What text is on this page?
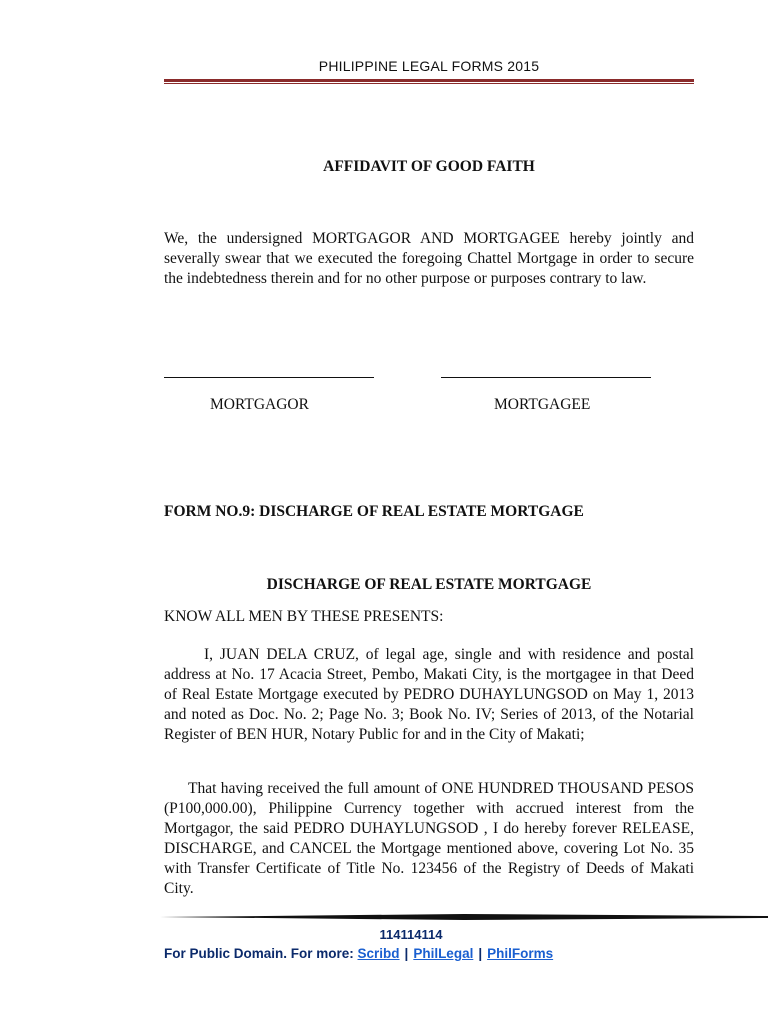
PHILIPPINE LEGAL FORMS 2015
AFFIDAVIT OF GOOD FAITH

We, the undersigned MORTGAGOR AND MORTGAGEE hereby jointly and severally swear that we executed the foregoing Chattel Mortgage in order to secure the indebtedness therein and for no other purpose or purposes contrary to law.

MORTGAGOR	MORTGAGEE
FORM NO.9: DISCHARGE OF REAL ESTATE MORTGAGE
DISCHARGE OF REAL ESTATE MORTGAGE

KNOW ALL MEN BY THESE PRESENTS:

I, JUAN DELA CRUZ, of legal age, single and with residence and postal address at No. 17 Acacia Street, Pembo, Makati City, is the mortgagee in that Deed of Real Estate Mortgage executed by PEDRO DUHAYLUNGSOD on May 1, 2013 and noted as Doc. No. 2; Page No. 3; Book No. IV; Series of 2013, of the Notarial Register of BEN HUR, Notary Public for and in the City of Makati;

That having received the full amount of ONE HUNDRED THOUSAND PESOS (P100,000.00), Philippine Currency together with accrued interest from the Mortgagor, the said PEDRO DUHAYLUNGSOD , I do hereby forever RELEASE, DISCHARGE, and CANCEL the Mortgage mentioned above, covering Lot No. 35 with Transfer Certificate of Title No. 123456 of the Registry of Deeds of Makati City.

114114114
For Public Domain. For more: Scribd | PhilLegal | PhilForms
